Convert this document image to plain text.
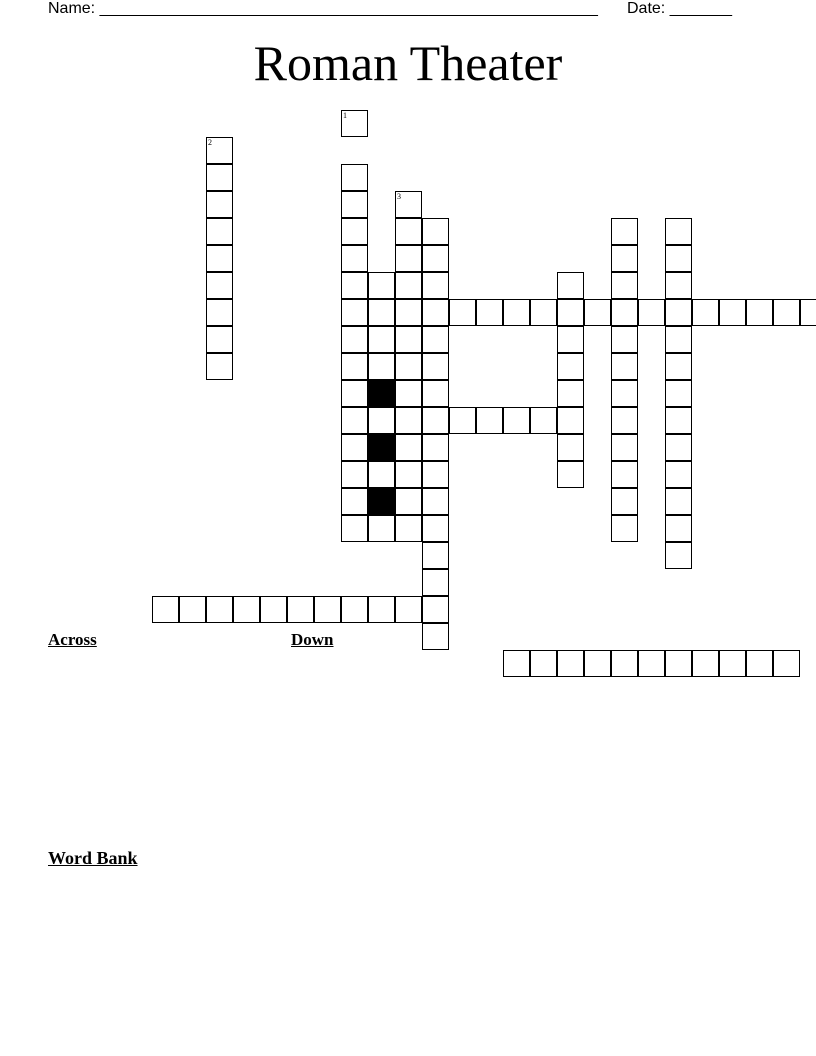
Name: ________________________________________________________ Date: _______
Roman Theater
2
1
3
Across	Down
Word Bank
